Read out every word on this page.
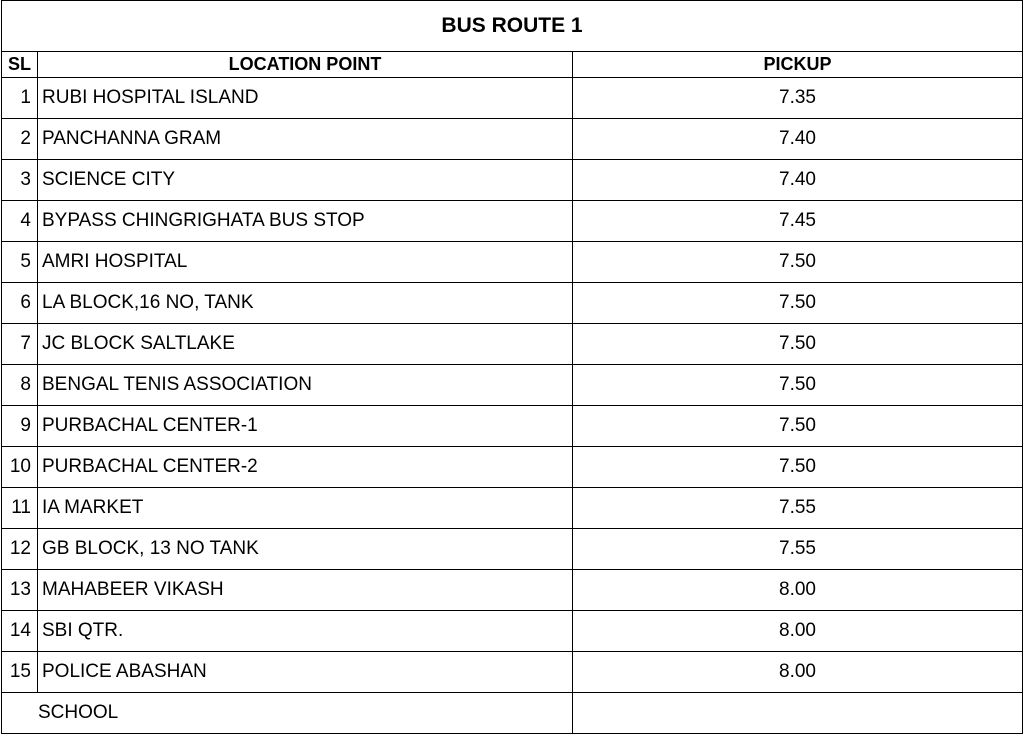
BUS ROUTE 1		
SL	LOCATION POINT	PICKUP
1	RUBI HOSPITAL ISLAND	7.35
2	PANCHANNA GRAM	7.40
3	SCIENCE CITY	7.40
4	BYPASS CHINGRIGHATA BUS STOP	7.45
5	AMRI HOSPITAL	7.50
6	LA BLOCK,16 NO, TANK	7.50
7	JC BLOCK SALTLAKE	7.50
8	BENGAL TENIS ASSOCIATION	7.50
9	PURBACHAL CENTER-1	7.50
10	PURBACHAL CENTER-2	7.50
11	IA MARKET	7.55
12	GB BLOCK, 13 NO TANK	7.55
13	MAHABEER VIKASH	8.00
14	SBI QTR.	8.00
15	POLICE ABASHAN	8.00
SCHOOL		
